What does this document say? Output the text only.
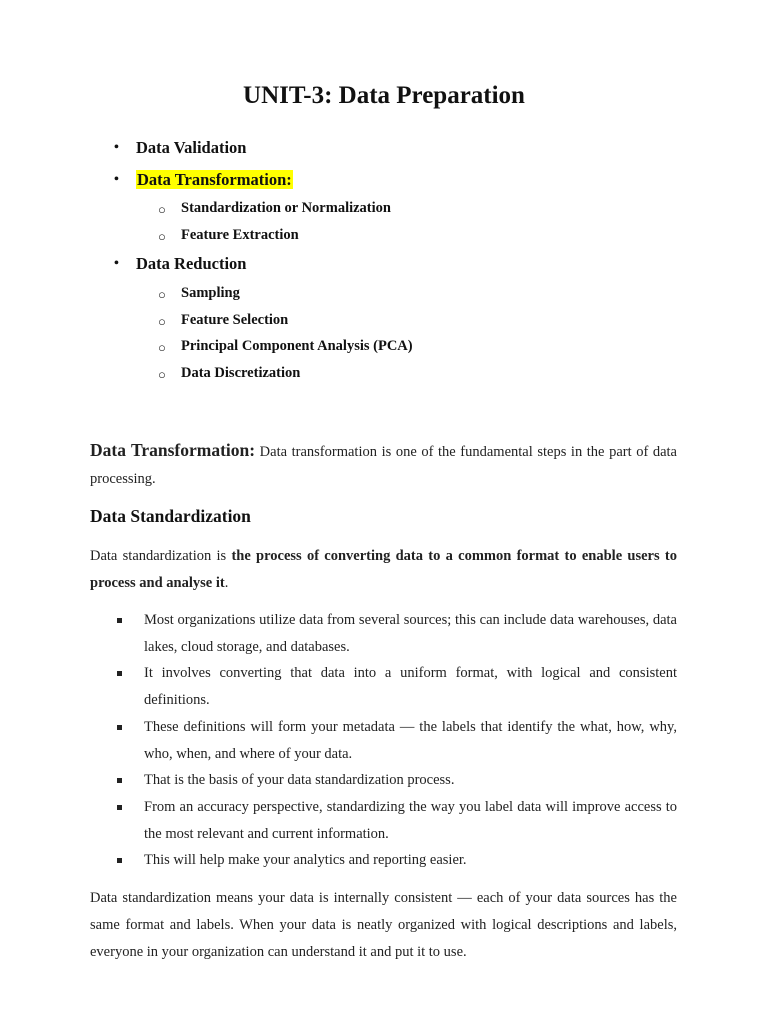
UNIT-3: Data Preparation
• Data Validation
• Data Transformation:
○ Standardization or Normalization
○ Feature Extraction
• Data Reduction
○ Sampling
○ Feature Selection
○ Principal Component Analysis (PCA)
○ Data Discretization
Data Transformation: Data transformation is one of the fundamental steps in the part of data processing.
Data Standardization
Data standardization is the process of converting data to a common format to enable users to process and analyse it.
Most organizations utilize data from several sources; this can include data warehouses, data lakes, cloud storage, and databases.
It involves converting that data into a uniform format, with logical and consistent definitions.
These definitions will form your metadata — the labels that identify the what, how, why, who, when, and where of your data.
That is the basis of your data standardization process.
From an accuracy perspective, standardizing the way you label data will improve access to the most relevant and current information.
This will help make your analytics and reporting easier.
Data standardization means your data is internally consistent — each of your data sources has the same format and labels. When your data is neatly organized with logical descriptions and labels, everyone in your organization can understand it and put it to use.
